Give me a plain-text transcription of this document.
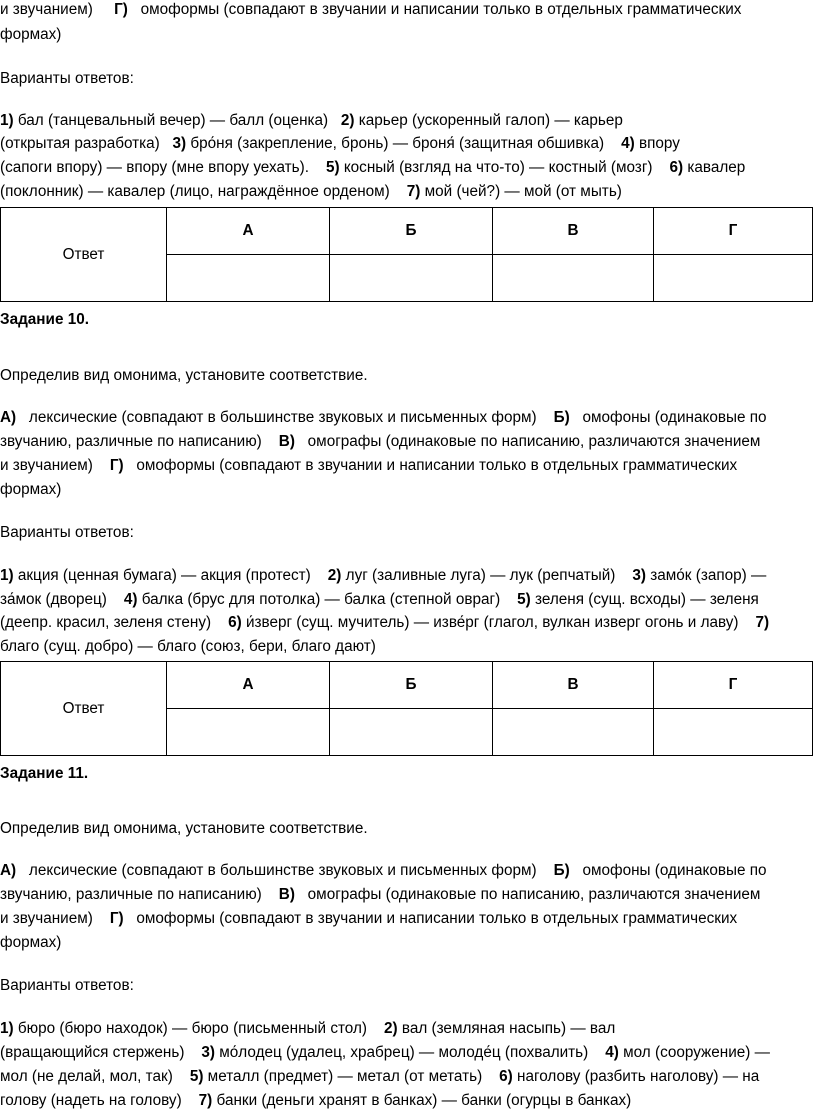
и звучанием) Г) омоформы (совпадают в звучании и написании только в отдельных грамматических
формах)
Варианты ответов:
1) бал (танцевальный вечер) — балл (оценка) 2) карьер (ускоренный галоп) — карьер
(открытая разработка) 3) бро́ня (закрепление, бронь) — броня́ (защитная обшивка) 4) впору
(сапоги впору) — впору (мне впору уехать). 5) косный (взгляд на что-то) — костный (мозг) 6) кавалер
(поклонник) — кавалер (лицо, награждённое орденом) 7) мой (чей?) — мой (от мыть)
Ответ	А	Б	В	Г

Задание 10.
Определив вид омонима, установите соответствие.
А) лексические (совпадают в большинстве звуковых и письменных форм) Б) омофоны (одинаковые по
звучанию, различные по написанию) В) омографы (одинаковые по написанию, различаются значением
и звучанием) Г) омоформы (совпадают в звучании и написании только в отдельных грамматических
формах)
Варианты ответов:
1) акция (ценная бумага) — акция (протест) 2) луг (заливные луга) — лук (репчатый) 3) замо́к (запор) —
за́мок (дворец) 4) балка (брус для потолка) — балка (степной овраг) 5) зеленя (сущ. всходы) — зеленя
(деепр. красил, зеленя стену) 6) и́зверг (сущ. мучитель) — изве́рг (глагол, вулкан изверг огонь и лаву) 7)
благо (сущ. добро) — благо (союз, бери, благо дают)
Ответ	А	Б	В	Г

Задание 11.
Определив вид омонима, установите соответствие.
А) лексические (совпадают в большинстве звуковых и письменных форм) Б) омофоны (одинаковые по
звучанию, различные по написанию) В) омографы (одинаковые по написанию, различаются значением
и звучанием) Г) омоформы (совпадают в звучании и написании только в отдельных грамматических
формах)
Варианты ответов:
1) бюро (бюро находок) — бюро (письменный стол) 2) вал (земляная насыпь) — вал
(вращающийся стержень) 3) мо́лодец (удалец, храбрец) — молоде́ц (похвалить) 4) мол (сооружение) —
мол (не делай, мол, так) 5) металл (предмет) — метал (от метать) 6) наголову (разбить наголову) — на
голову (надеть на голову) 7) банки (деньги хранят в банках) — банки (огурцы в банках)
